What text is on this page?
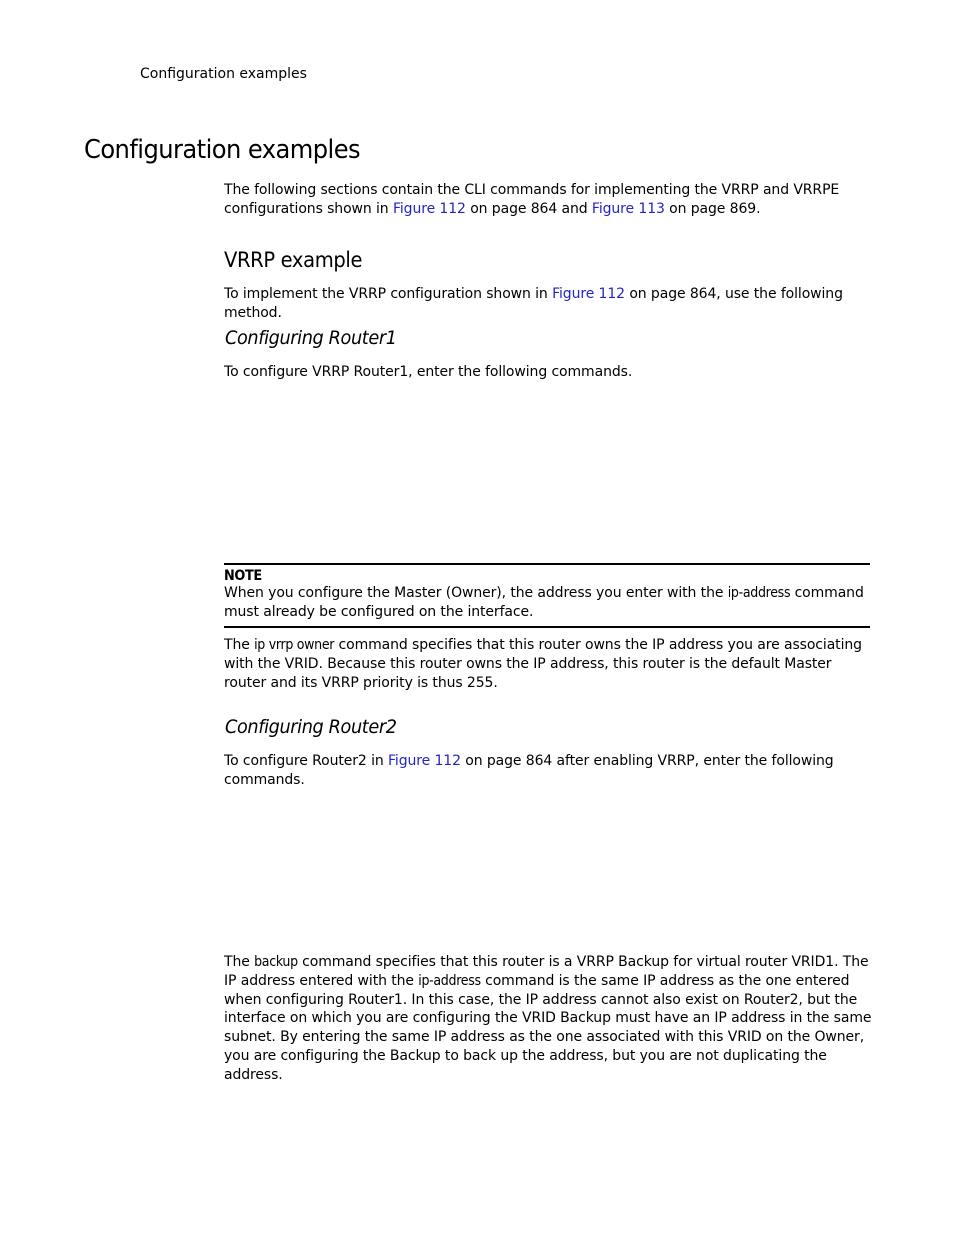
Configuration examples
Configuration examples
The following sections contain the CLI commands for implementing the VRRP and VRRPE configurations shown in Figure 112 on page 864 and Figure 113 on page 869.
VRRP example
To implement the VRRP configuration shown in Figure 112 on page 864, use the following method.
Configuring Router1
To configure VRRP Router1, enter the following commands.
NOTE
When you configure the Master (Owner), the address you enter with the ip-address command must already be configured on the interface.
The ip vrrp owner command specifies that this router owns the IP address you are associating with the VRID. Because this router owns the IP address, this router is the default Master router and its VRRP priority is thus 255.
Configuring Router2
To configure Router2 in Figure 112 on page 864 after enabling VRRP, enter the following commands.
The backup command specifies that this router is a VRRP Backup for virtual router VRID1. The IP address entered with the ip-address command is the same IP address as the one entered when configuring Router1. In this case, the IP address cannot also exist on Router2, but the interface on which you are configuring the VRID Backup must have an IP address in the same subnet. By entering the same IP address as the one associated with this VRID on the Owner, you are configuring the Backup to back up the address, but you are not duplicating the address.
